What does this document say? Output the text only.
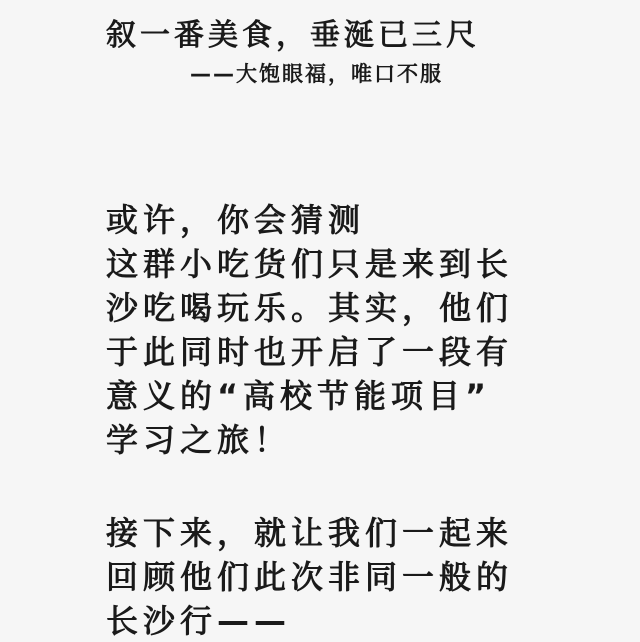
叙一番美食，垂涎已三尺
——大饱眼福，唯口不服
或许，你会猜测
这群小吃货们只是来到长
沙吃喝玩乐。其实，他们
于此同时也开启了一段有
意义的“高校节能项目”
学习之旅！
接下来，就让我们一起来
回顾他们此次非同一般的
长沙行——
